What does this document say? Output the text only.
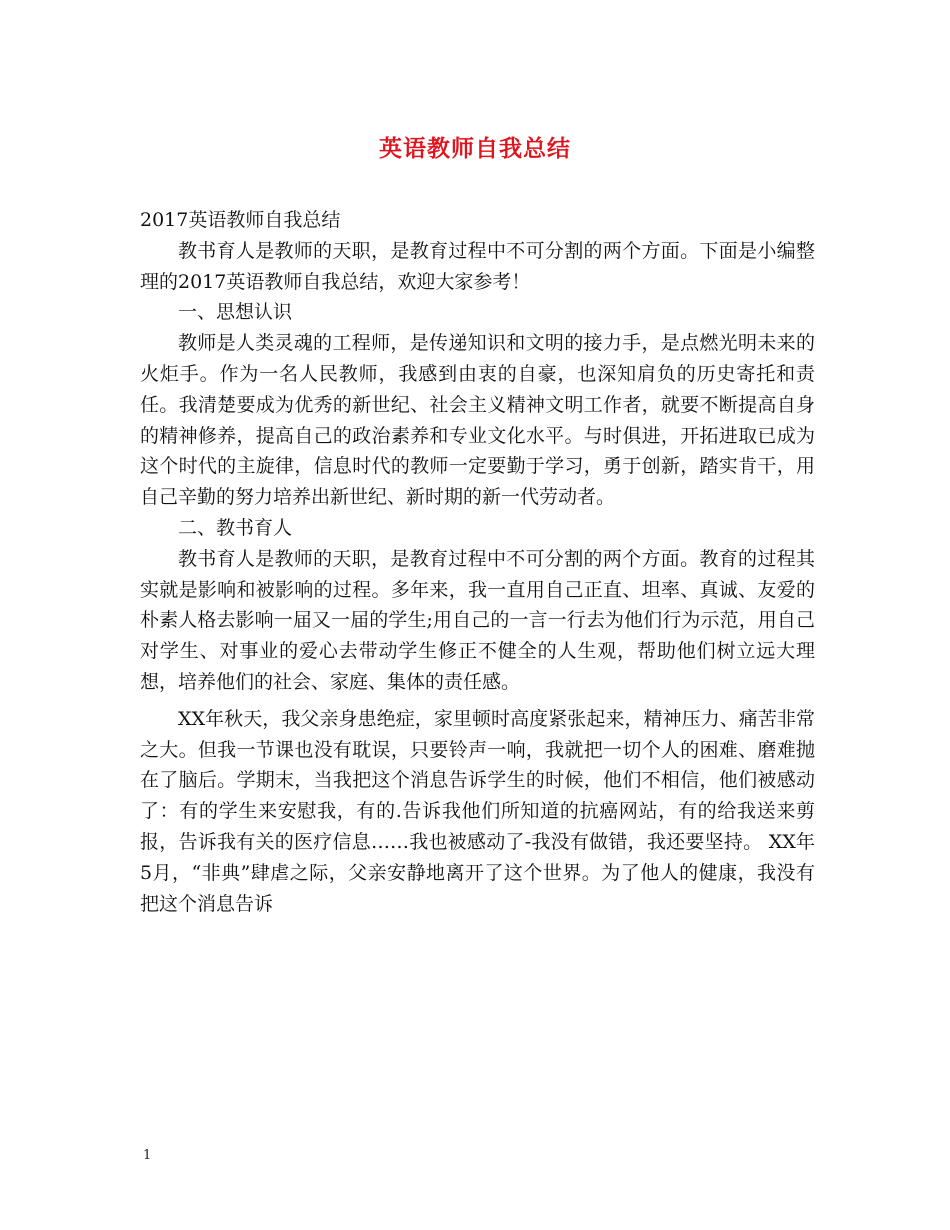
英语教师自我总结

2017英语教师自我总结

教书育人是教师的天职，是教育过程中不可分割的两个方面。下面是小编整理的2017英语教师自我总结，欢迎大家参考！

一、思想认识

教师是人类灵魂的工程师，是传递知识和文明的接力手，是点燃光明未来的火炬手。作为一名人民教师，我感到由衷的自豪，也深知肩负的历史寄托和责任。我清楚要成为优秀的新世纪、社会主义精神文明工作者，就要不断提高自身的精神修养，提高自己的政治素养和专业文化水平。与时俱进，开拓进取已成为这个时代的主旋律，信息时代的教师一定要勤于学习，勇于创新，踏实肯干，用自己辛勤的努力培养出新世纪、新时期的新一代劳动者。

二、教书育人

教书育人是教师的天职，是教育过程中不可分割的两个方面。教育的过程其实就是影响和被影响的过程。多年来，我一直用自己正直、坦率、真诚、友爱的朴素人格去影响一届又一届的学生;用自己的一言一行去为他们行为示范，用自己对学生、对事业的爱心去带动学生修正不健全的人生观，帮助他们树立远大理想，培养他们的社会、家庭、集体的责任感。

XX年秋天，我父亲身患绝症，家里顿时高度紧张起来，精神压力、痛苦非常之大。但我一节课也没有耽误，只要铃声一响，我就把一切个人的困难、磨难抛在了脑后。学期末，当我把这个消息告诉学生的时候，他们不相信，他们被感动了：有的学生来安慰我，有的.告诉我他们所知道的抗癌网站，有的给我送来剪报，告诉我有关的医疗信息……我也被感动了-我没有做错，我还要坚持。 XX年5月，“非典”肆虐之际，父亲安静地离开了这个世界。为了他人的健康，我没有把这个消息告诉

1
